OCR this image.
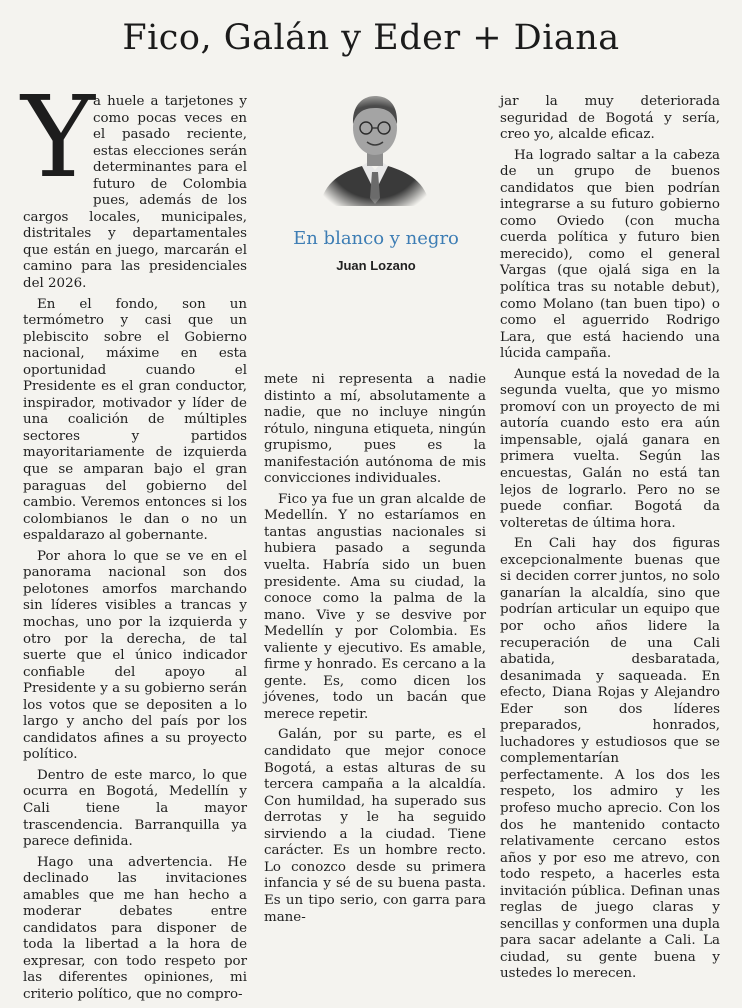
Fico, Galán y Eder + Diana
En blanco y negro
Juan Lozano

Y
a huele a tarjetones y como pocas veces en el pasado reciente, estas elecciones serán determinantes para el futuro de Colombia pues, además de los cargos locales, municipales, distritales y departamentales que están en juego, marcarán el camino para las presidenciales del 2026.

En el fondo, son un termómetro y casi que un plebiscito sobre el Gobierno nacional, máxime en esta oportunidad cuando el Presidente es el gran conductor, inspirador, motivador y líder de una coalición de múltiples sectores y partidos mayoritariamente de izquierda que se amparan bajo el gran paraguas del gobierno del cambio. Veremos entonces si los colombianos le dan o no un espaldarazo al gobernante.

Por ahora lo que se ve en el panorama nacional son dos pelotones amorfos marchando sin líderes visibles a trancas y mochas, uno por la izquierda y otro por la derecha, de tal suerte que el único indicador confiable del apoyo al Presidente y a su gobierno serán los votos que se depositen a lo largo y ancho del país por los candidatos afines a su proyecto político.

Dentro de este marco, lo que ocurra en Bogotá, Medellín y Cali tiene la mayor trascendencia. Barranquilla ya parece definida.

Hago una advertencia. He declinado las invitaciones amables que me han hecho a moderar debates entre candidatos para disponer de toda la libertad a la hora de expresar, con todo respeto por las diferentes opiniones, mi criterio político, que no compro-

mete ni representa a nadie distinto a mí, absolutamente a nadie, que no incluye ningún rótulo, ninguna etiqueta, ningún grupismo, pues es la manifestación autónoma de mis convicciones individuales.

Fico ya fue un gran alcalde de Medellín. Y no estaríamos en tantas angustias nacionales si hubiera pasado a segunda vuelta. Habría sido un buen presidente. Ama su ciudad, la conoce como la palma de la mano. Vive y se desvive por Medellín y por Colombia. Es valiente y ejecutivo. Es amable, firme y honrado. Es cercano a la gente. Es, como dicen los jóvenes, todo un bacán que merece repetir.

Galán, por su parte, es el candidato que mejor conoce Bogotá, a estas alturas de su tercera campaña a la alcaldía. Con humildad, ha superado sus derrotas y le ha seguido sirviendo a la ciudad. Tiene carácter. Es un hombre recto. Lo conozco desde su primera infancia y sé de su buena pasta. Es un tipo serio, con garra para mane-

jar la muy deteriorada seguridad de Bogotá y sería, creo yo, alcalde eficaz.

Ha logrado saltar a la cabeza de un grupo de buenos candidatos que bien podrían integrarse a su futuro gobierno como Oviedo (con mucha cuerda política y futuro bien merecido), como el general Vargas (que ojalá siga en la política tras su notable debut), como Molano (tan buen tipo) o como el aguerrido Rodrigo Lara, que está haciendo una lúcida campaña.

Aunque está la novedad de la segunda vuelta, que yo mismo promoví con un proyecto de mi autoría cuando esto era aún impensable, ojalá ganara en primera vuelta. Según las encuestas, Galán no está tan lejos de lograrlo. Pero no se puede confiar. Bogotá da volteretas de última hora.

En Cali hay dos figuras excepcionalmente buenas que si deciden correr juntos, no solo ganarían la alcaldía, sino que podrían articular un equipo que por ocho años lidere la recuperación de una Cali abatida, desbaratada, desanimada y saqueada. En efecto, Diana Rojas y Alejandro Eder son dos líderes preparados, honrados, luchadores y estudiosos que se complementarían perfectamente. A los dos les respeto, los admiro y les profeso mucho aprecio. Con los dos he mantenido contacto relativamente cercano estos años y por eso me atrevo, con todo respeto, a hacerles esta invitación pública. Definan unas reglas de juego claras y sencillas y conformen una dupla para sacar adelante a Cali. La ciudad, su gente buena y ustedes lo merecen.
